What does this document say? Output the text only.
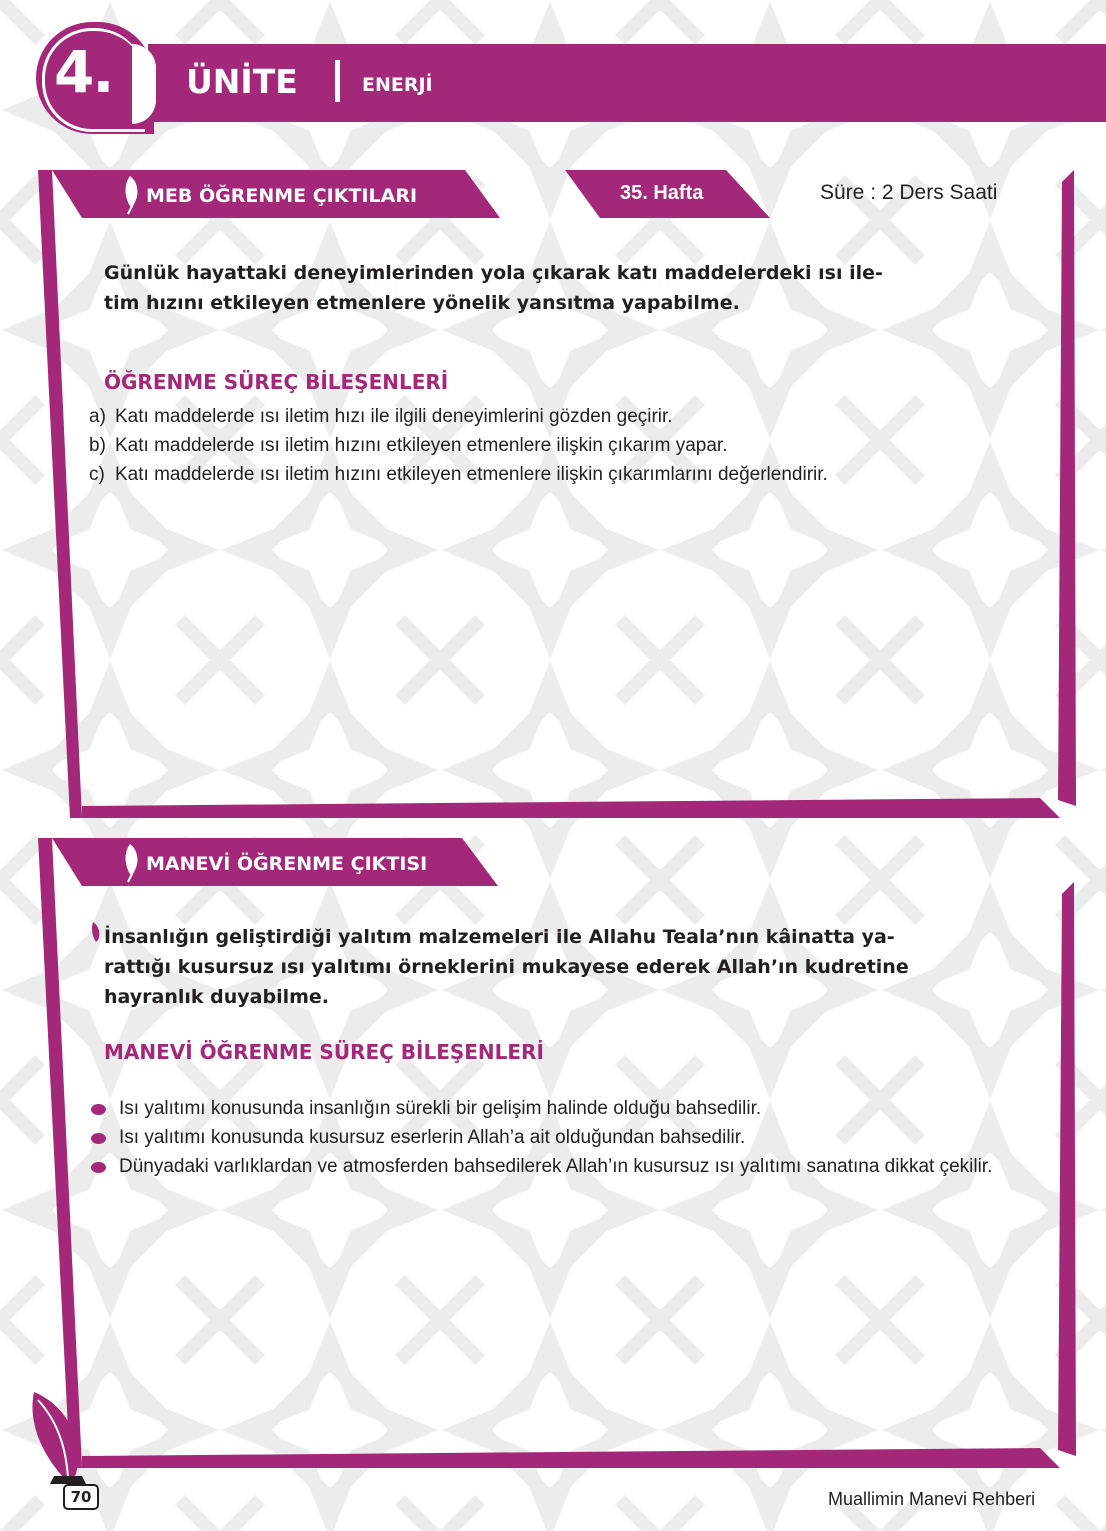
4. ÜNİTE	ENERJİ
MEB ÖĞRENME ÇIKTILARI	35. Hafta	Süre : 2 Ders Saati
Günlük hayattaki deneyimlerinden yola çıkarak katı maddelerdeki ısı ile-
tim hızını etkileyen etmenlere yönelik yansıtma yapabilme.
ÖĞRENME SÜREÇ BİLEŞENLERİ
a) Katı maddelerde ısı iletim hızı ile ilgili deneyimlerini gözden geçirir.
b) Katı maddelerde ısı iletim hızını etkileyen etmenlere ilişkin çıkarım yapar.
c) Katı maddelerde ısı iletim hızını etkileyen etmenlere ilişkin çıkarımlarını değerlendirir.
MANEVİ ÖĞRENME ÇIKTISI
İnsanlığın geliştirdiği yalıtım malzemeleri ile Allahu Teala’nın kâinatta ya-
rattığı kusursuz ısı yalıtımı örneklerini mukayese ederek Allah’ın kudretine
hayranlık duyabilme.
MANEVİ ÖĞRENME SÜREÇ BİLEŞENLERİ
Isı yalıtımı konusunda insanlığın sürekli bir gelişim halinde olduğu bahsedilir.
Isı yalıtımı konusunda kusursuz eserlerin Allah’a ait olduğundan bahsedilir.
Dünyadaki varlıklardan ve atmosferden bahsedilerek Allah’ın kusursuz ısı yalıtımı sanatına dikkat çekilir.
70	Muallimin Manevi Rehberi
